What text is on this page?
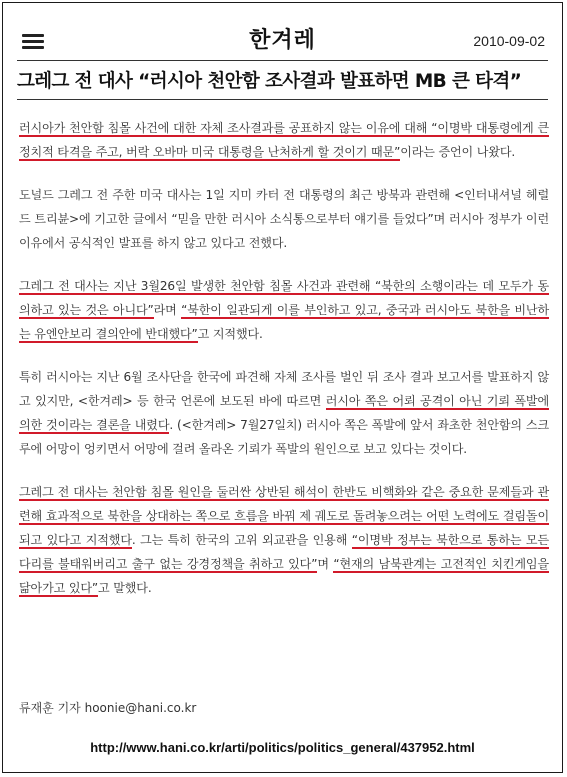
한겨레	2010-09-02
그레그 전 대사 “러시아 천안함 조사결과 발표하면 MB 큰 타격”

러시아가 천안함 침몰 사건에 대한 자체 조사결과를 공표하지 않는 이유에 대해 “이명박 대통령에게 큰 정치적 타격을 주고, 버락 오바마 미국 대통령을 난처하게 할 것이기 때문”이라는 증언이 나왔다.

도널드 그레그 전 주한 미국 대사는 1일 지미 카터 전 대통령의 최근 방북과 관련해 <인터내셔널 헤럴드 트리뷴>에 기고한 글에서 “믿을 만한 러시아 소식통으로부터 얘기를 들었다”며 러시아 정부가 이런 이유에서 공식적인 발표를 하지 않고 있다고 전했다.

그레그 전 대사는 지난 3월26일 발생한 천안함 침몰 사건과 관련해 “북한의 소행이라는 데 모두가 동의하고 있는 것은 아니다”라며 “북한이 일관되게 이를 부인하고 있고, 중국과 러시아도 북한을 비난하는 유엔안보리 결의안에 반대했다”고 지적했다.

특히 러시아는 지난 6월 조사단을 한국에 파견해 자체 조사를 벌인 뒤 조사 결과 보고서를 발표하지 않고 있지만, <한겨레> 등 한국 언론에 보도된 바에 따르면 러시아 쪽은 어뢰 공격이 아닌 기뢰 폭발에 의한 것이라는 결론을 내렸다. (<한겨레> 7월27일치) 러시아 쪽은 폭발에 앞서 좌초한 천안함의 스크루에 어망이 엉키면서 어망에 걸려 올라온 기뢰가 폭발의 원인으로 보고 있다는 것이다.

그레그 전 대사는 천안함 침몰 원인을 둘러싼 상반된 해석이 한반도 비핵화와 같은 중요한 문제들과 관련해 효과적으로 북한을 상대하는 쪽으로 흐름을 바꿔 제 궤도로 돌려놓으려는 어떤 노력에도 걸림돌이 되고 있다고 지적했다. 그는 특히 한국의 고위 외교관을 인용해 “이명박 정부는 북한으로 통하는 모든 다리를 불태워버리고 출구 없는 강경정책을 취하고 있다”며 “현재의 남북관계는 고전적인 치킨게임을 닮아가고 있다”고 말했다.

류재훈 기자 hoonie@hani.co.kr
http://www.hani.co.kr/arti/politics/politics_general/437952.html
